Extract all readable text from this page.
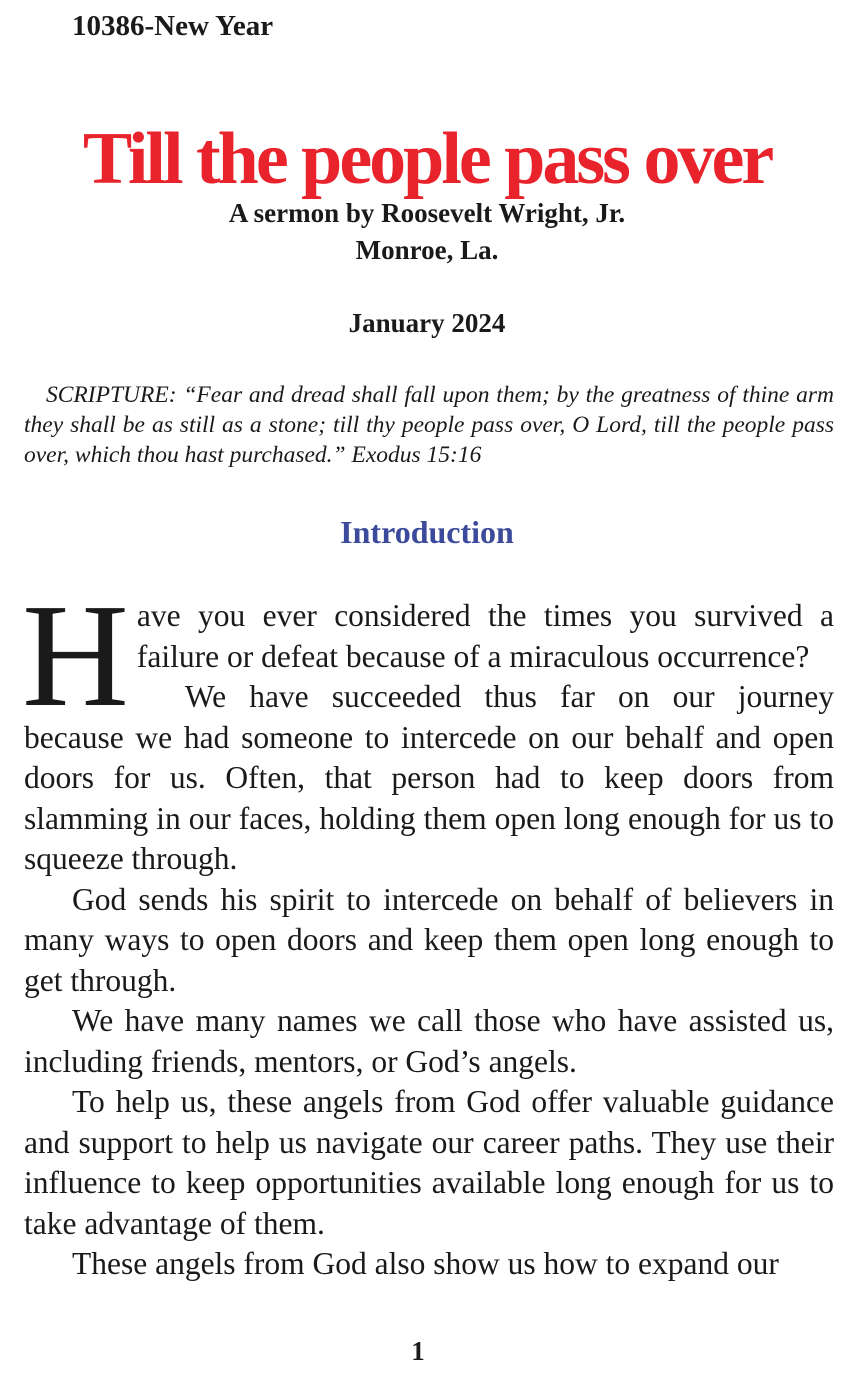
10386-New Year
Till the people pass over
A sermon by Roosevelt Wright, Jr.
Monroe, La.
January 2024

SCRIPTURE: “Fear and dread shall fall upon them; by the greatness of thine arm they shall be as still as a stone; till thy people pass over, O Lord, till the people pass over, which thou hast purchased.” Exodus 15:16

Introduction

Have you ever considered the times you survived a failure or defeat because of a miraculous occurrence?

We have succeeded thus far on our journey because we had someone to intercede on our behalf and open doors for us. Often, that person had to keep doors from slamming in our faces, holding them open long enough for us to squeeze through.

God sends his spirit to intercede on behalf of believers in many ways to open doors and keep them open long enough to get through.

We have many names we call those who have assisted us, including friends, mentors, or God’s angels.

To help us, these angels from God offer valuable guidance and support to help us navigate our career paths. They use their influence to keep opportunities available long enough for us to take advantage of them.

These angels from God also show us how to expand our

1
